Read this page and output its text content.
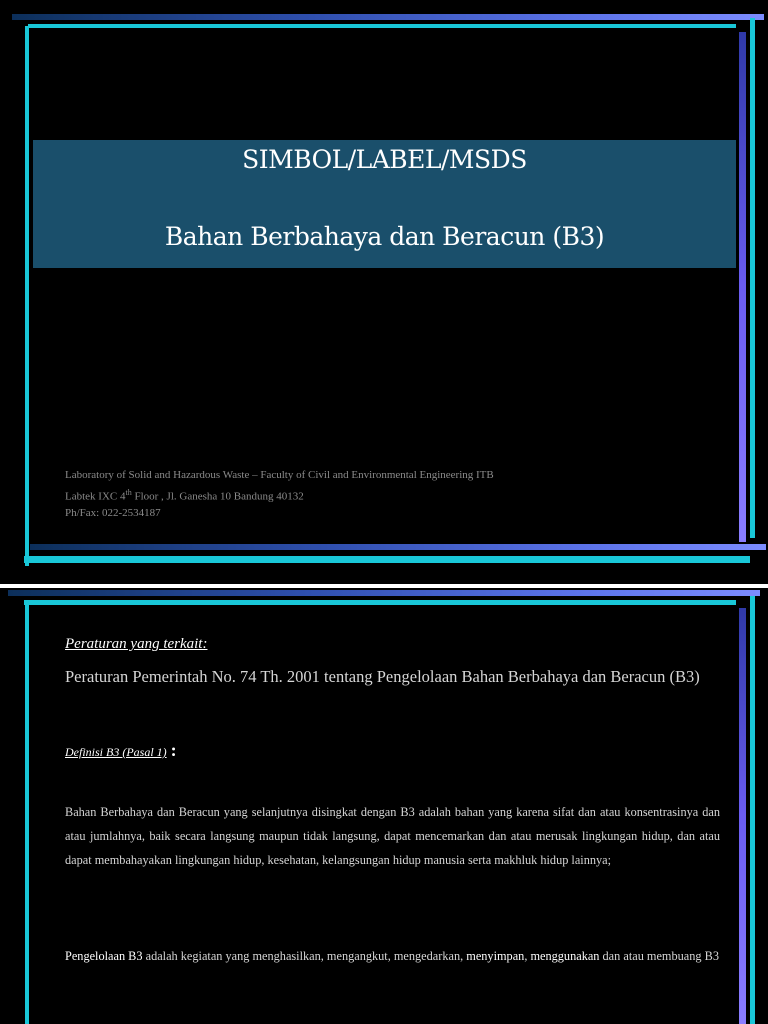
SIMBOL/LABEL/MSDS
Bahan Berbahaya dan Beracun (B3)
Laboratory of Solid and Hazardous Waste – Faculty of Civil and Environmental Engineering ITB
Labtek IXC 4th Floor , Jl. Ganesha 10 Bandung 40132
Ph/Fax: 022-2534187
Peraturan yang terkait:
Peraturan Pemerintah No. 74 Th. 2001 tentang Pengelolaan Bahan Berbahaya dan Beracun (B3)
Definisi B3 (Pasal 1) :
Bahan Berbahaya dan Beracun yang selanjutnya disingkat dengan B3 adalah bahan yang karena sifat dan atau konsentrasinya dan atau jumlahnya, baik secara langsung maupun tidak langsung, dapat mencemarkan dan atau merusak lingkungan hidup, dan atau dapat membahayakan lingkungan hidup, kesehatan, kelangsungan hidup manusia serta makhluk hidup lainnya;
Pengelolaan B3 adalah kegiatan yang menghasilkan, mengangkut, mengedarkan, menyimpan, menggunakan dan atau membuang B3
